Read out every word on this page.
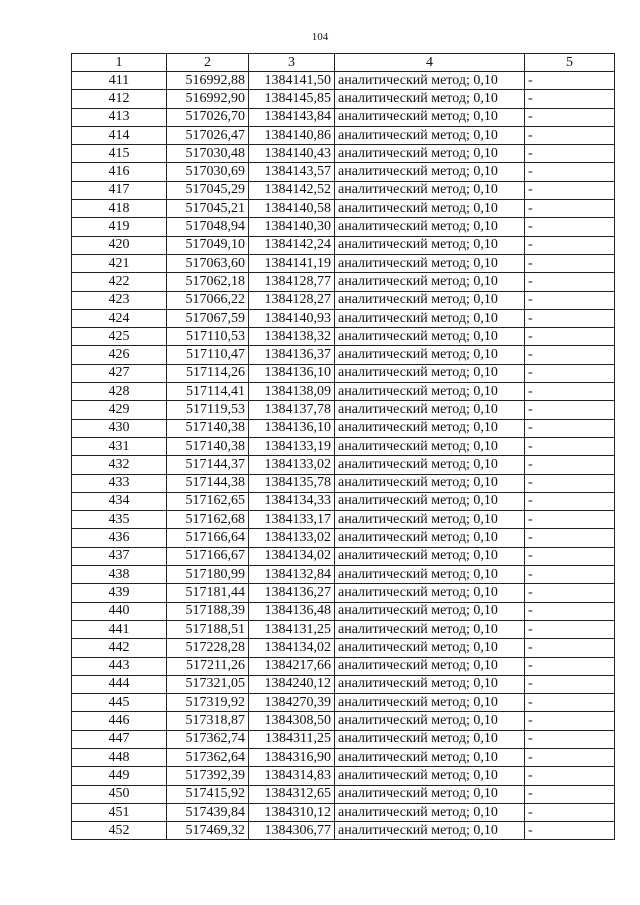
104
1	2	3	4	5
411	516992,88	1384141,50	аналитический метод; 0,10	-
412	516992,90	1384145,85	аналитический метод; 0,10	-
413	517026,70	1384143,84	аналитический метод; 0,10	-
414	517026,47	1384140,86	аналитический метод; 0,10	-
415	517030,48	1384140,43	аналитический метод; 0,10	-
416	517030,69	1384143,57	аналитический метод; 0,10	-
417	517045,29	1384142,52	аналитический метод; 0,10	-
418	517045,21	1384140,58	аналитический метод; 0,10	-
419	517048,94	1384140,30	аналитический метод; 0,10	-
420	517049,10	1384142,24	аналитический метод; 0,10	-
421	517063,60	1384141,19	аналитический метод; 0,10	-
422	517062,18	1384128,77	аналитический метод; 0,10	-
423	517066,22	1384128,27	аналитический метод; 0,10	-
424	517067,59	1384140,93	аналитический метод; 0,10	-
425	517110,53	1384138,32	аналитический метод; 0,10	-
426	517110,47	1384136,37	аналитический метод; 0,10	-
427	517114,26	1384136,10	аналитический метод; 0,10	-
428	517114,41	1384138,09	аналитический метод; 0,10	-
429	517119,53	1384137,78	аналитический метод; 0,10	-
430	517140,38	1384136,10	аналитический метод; 0,10	-
431	517140,38	1384133,19	аналитический метод; 0,10	-
432	517144,37	1384133,02	аналитический метод; 0,10	-
433	517144,38	1384135,78	аналитический метод; 0,10	-
434	517162,65	1384134,33	аналитический метод; 0,10	-
435	517162,68	1384133,17	аналитический метод; 0,10	-
436	517166,64	1384133,02	аналитический метод; 0,10	-
437	517166,67	1384134,02	аналитический метод; 0,10	-
438	517180,99	1384132,84	аналитический метод; 0,10	-
439	517181,44	1384136,27	аналитический метод; 0,10	-
440	517188,39	1384136,48	аналитический метод; 0,10	-
441	517188,51	1384131,25	аналитический метод; 0,10	-
442	517228,28	1384134,02	аналитический метод; 0,10	-
443	517211,26	1384217,66	аналитический метод; 0,10	-
444	517321,05	1384240,12	аналитический метод; 0,10	-
445	517319,92	1384270,39	аналитический метод; 0,10	-
446	517318,87	1384308,50	аналитический метод; 0,10	-
447	517362,74	1384311,25	аналитический метод; 0,10	-
448	517362,64	1384316,90	аналитический метод; 0,10	-
449	517392,39	1384314,83	аналитический метод; 0,10	-
450	517415,92	1384312,65	аналитический метод; 0,10	-
451	517439,84	1384310,12	аналитический метод; 0,10	-
452	517469,32	1384306,77	аналитический метод; 0,10	-
